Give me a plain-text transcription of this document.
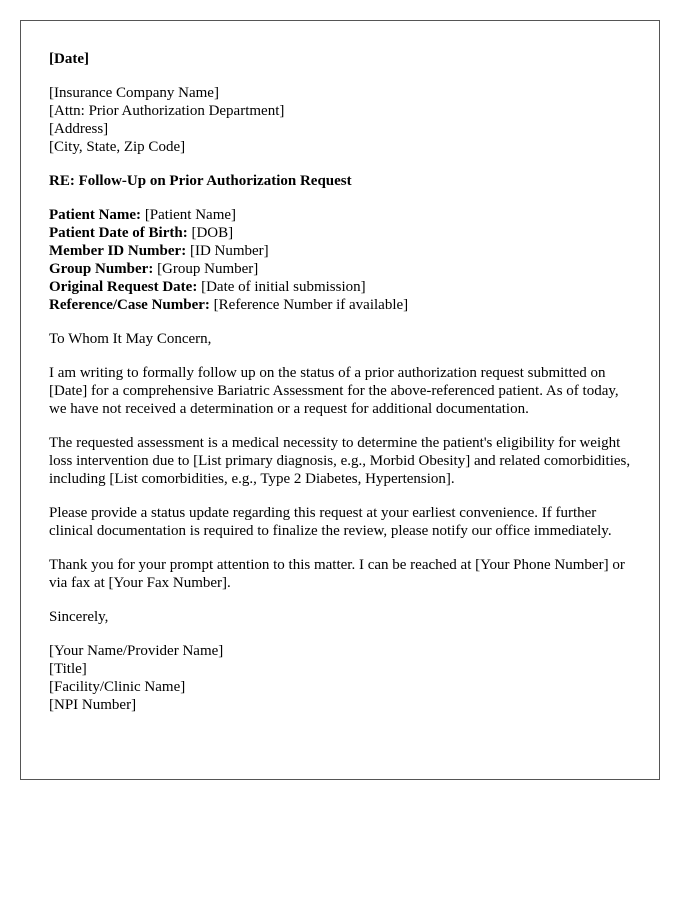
[Date]
[Insurance Company Name]
[Attn: Prior Authorization Department]
[Address]
[City, State, Zip Code]
RE: Follow-Up on Prior Authorization Request
Patient Name: [Patient Name]
Patient Date of Birth: [DOB]
Member ID Number: [ID Number]
Group Number: [Group Number]
Original Request Date: [Date of initial submission]
Reference/Case Number: [Reference Number if available]
To Whom It May Concern,

I am writing to formally follow up on the status of a prior authorization request submitted on [Date] for a comprehensive Bariatric Assessment for the above-referenced patient. As of today, we have not received a determination or a request for additional documentation.

The requested assessment is a medical necessity to determine the patient's eligibility for weight loss intervention due to [List primary diagnosis, e.g., Morbid Obesity] and related comorbidities, including [List comorbidities, e.g., Type 2 Diabetes, Hypertension].

Please provide a status update regarding this request at your earliest convenience. If further clinical documentation is required to finalize the review, please notify our office immediately.

Thank you for your prompt attention to this matter. I can be reached at [Your Phone Number] or via fax at [Your Fax Number].

Sincerely,
[Your Name/Provider Name]
[Title]
[Facility/Clinic Name]
[NPI Number]
